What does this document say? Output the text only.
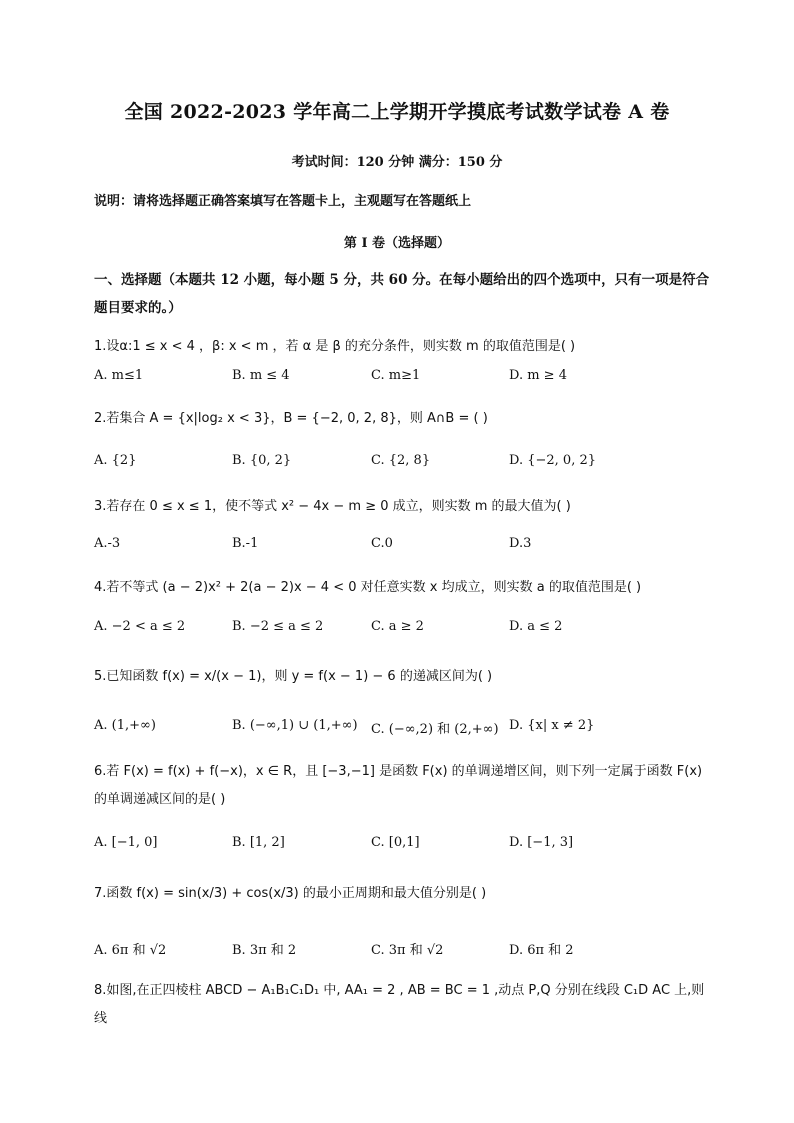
全国 2022-2023 学年高二上学期开学摸底考试数学试卷 A 卷
考试时间：120 分钟 满分：150 分
说明：请将选择题正确答案填写在答题卡上，主观题写在答题纸上
第 I 卷（选择题）
一、选择题（本题共 12 小题，每小题 5 分，共 60 分。在每小题给出的四个选项中，只有一项是符合题目要求的。）
1.设α:1 ≤ x < 4 ，β: x < m ，若 α 是 β 的充分条件，则实数 m 的取值范围是( )
A. m≤1	B. m ≤ 4	C. m≥1	D. m ≥ 4
2.若集合 A = {x|log₂ x < 3}，B = {−2, 0, 2, 8}，则 A∩B = ( )
A. {2}	B. {0, 2}	C. {2, 8}	D. {−2, 0, 2}
3.若存在 0 ≤ x ≤ 1，使不等式 x² − 4x − m ≥ 0 成立，则实数 m 的最大值为( )
A.-3	B.-1	C.0	D.3
4.若不等式 (a − 2)x² + 2(a − 2)x − 4 < 0 对任意实数 x 均成立，则实数 a 的取值范围是( )
A. −2 < a ≤ 2	B. −2 ≤ a ≤ 2	C. a ≥ 2	D. a ≤ 2
5.已知函数 f(x) = x/(x − 1)，则 y = f(x − 1) − 6 的递减区间为( )
A. (1,+∞)	B. (−∞,1) ∪ (1,+∞) C. (−∞,2) 和 (2,+∞) D. {x| x ≠ 2}
6.若 F(x) = f(x) + f(−x)，x ∈ R，且 [−3,−1] 是函数 F(x) 的单调递增区间，则下列一定属于函数 F(x) 的单调递减区间的是( )
A. [−1, 0]	B. [1, 2]	C. [0,1]	D. [−1, 3]
7.函数 f(x) = sin(x/3) + cos(x/3) 的最小正周期和最大值分别是( )
A. 6π 和 √2	B. 3π 和 2	C. 3π 和 √2	D. 6π 和 2
8.如图,在正四棱柱 ABCD − A₁B₁C₁D₁ 中, AA₁ = 2 , AB = BC = 1 ,动点 P,Q 分别在线段 C₁D AC 上,则线
